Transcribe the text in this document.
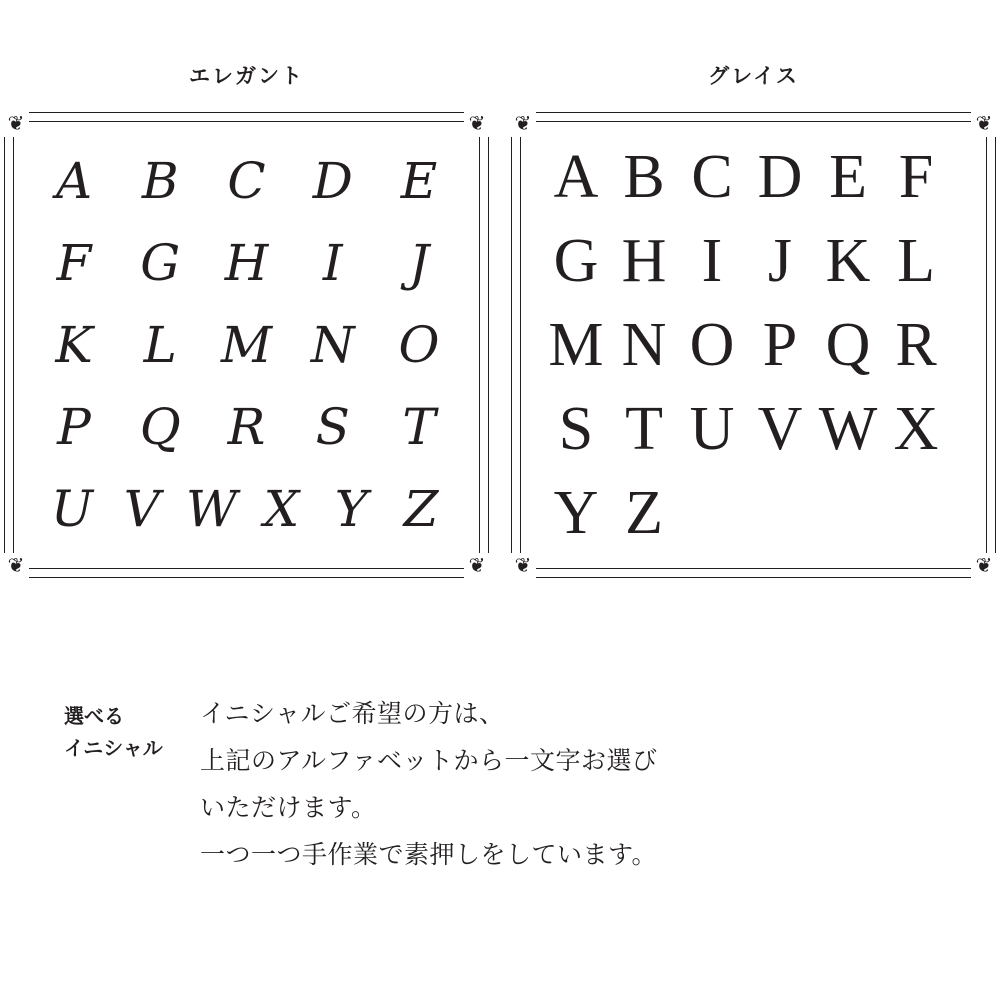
エレガント
❦	❦
❦	❦
A B C D E
F G H	I	J
K	L M N O
P Q R	S	T
U V W X Y Z
グレイス
❦	❦
❦	❦
A B C D E F
G H I J K L
M N O P Q R
S T U V W X
Y Z
選べる
イニシャル

イニシャルご希望の方は、

上記のアルファベットから一文字お選び

いただけます。

一つ一つ手作業で素押しをしています。
